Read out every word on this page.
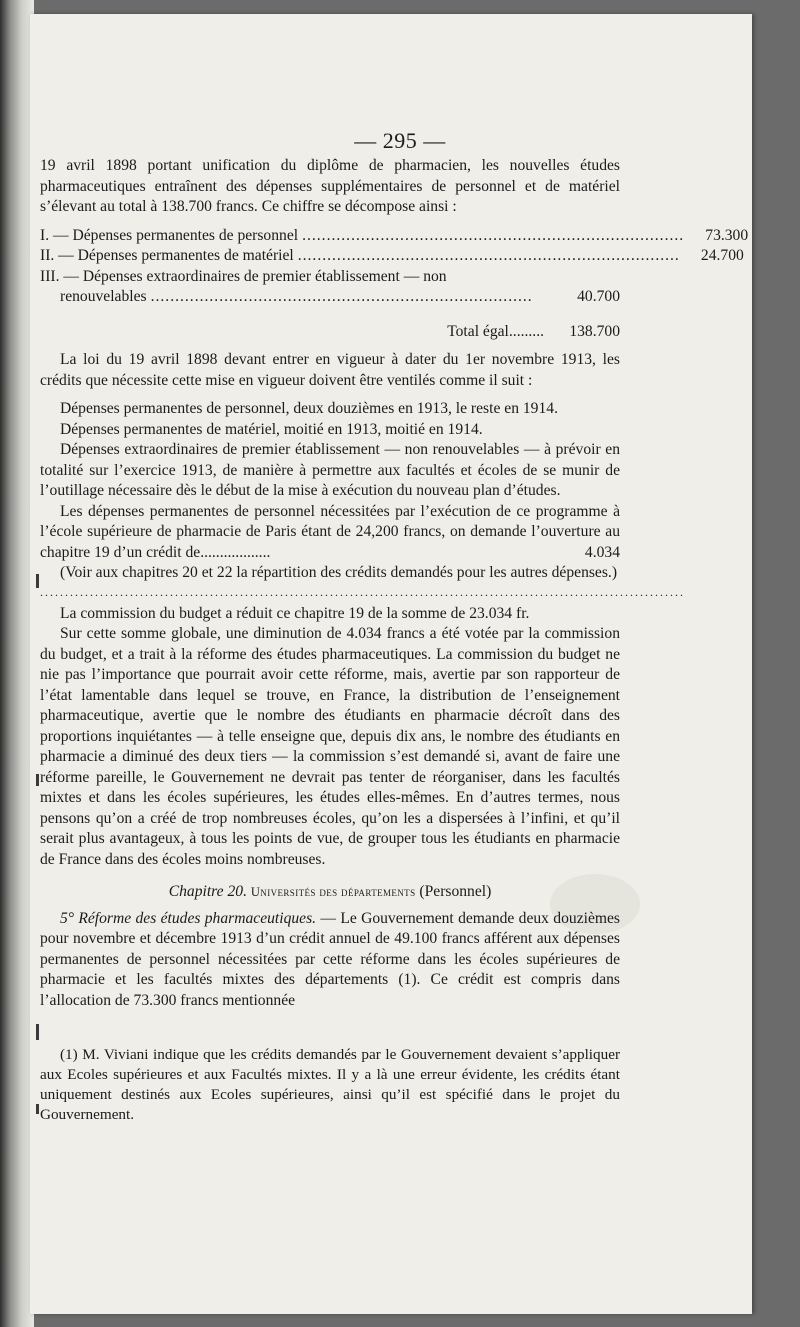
— 295 —

19 avril 1898 portant unification du diplôme de pharmacien, les nouvelles études pharmaceutiques entraînent des dépenses supplémentaires de personnel et de matériel s’élevant au total à 138.700 francs. Ce chiffre se décompose ainsi :

I. — Dépenses permanentes de personnel ..............................................................................	73.300
II. — Dépenses permanentes de matériel ..............................................................................	24.700
III. — Dépenses extraordinaires de premier établissement — non
renouvelables ..............................................................................	40.700
Total égal .........	138.700

La loi du 19 avril 1898 devant entrer en vigueur à dater du 1er novembre 1913, les crédits que nécessite cette mise en vigueur doivent être ventilés comme il suit :

Dépenses permanentes de personnel, deux douzièmes en 1913, le reste en 1914.

Dépenses permanentes de matériel, moitié en 1913, moitié en 1914.

Dépenses extraordinaires de premier établissement — non renouvelables — à prévoir en totalité sur l’exercice 1913, de manière à permettre aux facultés et écoles de se munir de l’outillage nécessaire dès le début de la mise à exécution du nouveau plan d’études.

Les dépenses permanentes de personnel nécessitées par l’exécution de ce programme à l’école supérieure de pharmacie de Paris étant de 24,200 francs, on demande l’ouverture au chapitre 19 d’un crédit de..................	4.034

(Voir aux chapitres 20 et 22 la répartition des crédits demandés pour les autres dépenses.)

.................................................................................................................................

La commission du budget a réduit ce chapitre 19 de la somme de 23.034 fr.

Sur cette somme globale, une diminution de 4.034 francs a été votée par la commission du budget, et a trait à la réforme des études pharmaceutiques. La commission du budget ne nie pas l’importance que pourrait avoir cette réforme, mais, avertie par son rapporteur de l’état lamentable dans lequel se trouve, en France, la distribution de l’enseignement pharmaceutique, avertie que le nombre des étudiants en pharmacie décroît dans des proportions inquiétantes — à telle enseigne que, depuis dix ans, le nombre des étudiants en pharmacie a diminué des deux tiers — la commission s’est demandé si, avant de faire une réforme pareille, le Gouvernement ne devrait pas tenter de réorganiser, dans les facultés mixtes et dans les écoles supérieures, les études elles-mêmes. En d’autres termes, nous pensons qu’on a créé de trop nombreuses écoles, qu’on les a dispersées à l’infini, et qu’il serait plus avantageux, à tous les points de vue, de grouper tous les étudiants en pharmacie de France dans des écoles moins nombreuses.

Chapitre 20. Universités des départements (Personnel)

5° Réforme des études pharmaceutiques. — Le Gouvernement demande deux douzièmes pour novembre et décembre 1913 d’un crédit annuel de 49.100 francs afférent aux dépenses permanentes de personnel nécessitées par cette réforme dans les écoles supérieures de pharmacie et les facultés mixtes des départements (1). Ce crédit est compris dans l’allocation de 73.300 francs mentionnée

(1) M. Viviani indique que les crédits demandés par le Gouvernement devaient s’appliquer aux Ecoles supérieures et aux Facultés mixtes. Il y a là une erreur évidente, les crédits étant uniquement destinés aux Ecoles supérieures, ainsi qu’il est spécifié dans le projet du Gouvernement.
